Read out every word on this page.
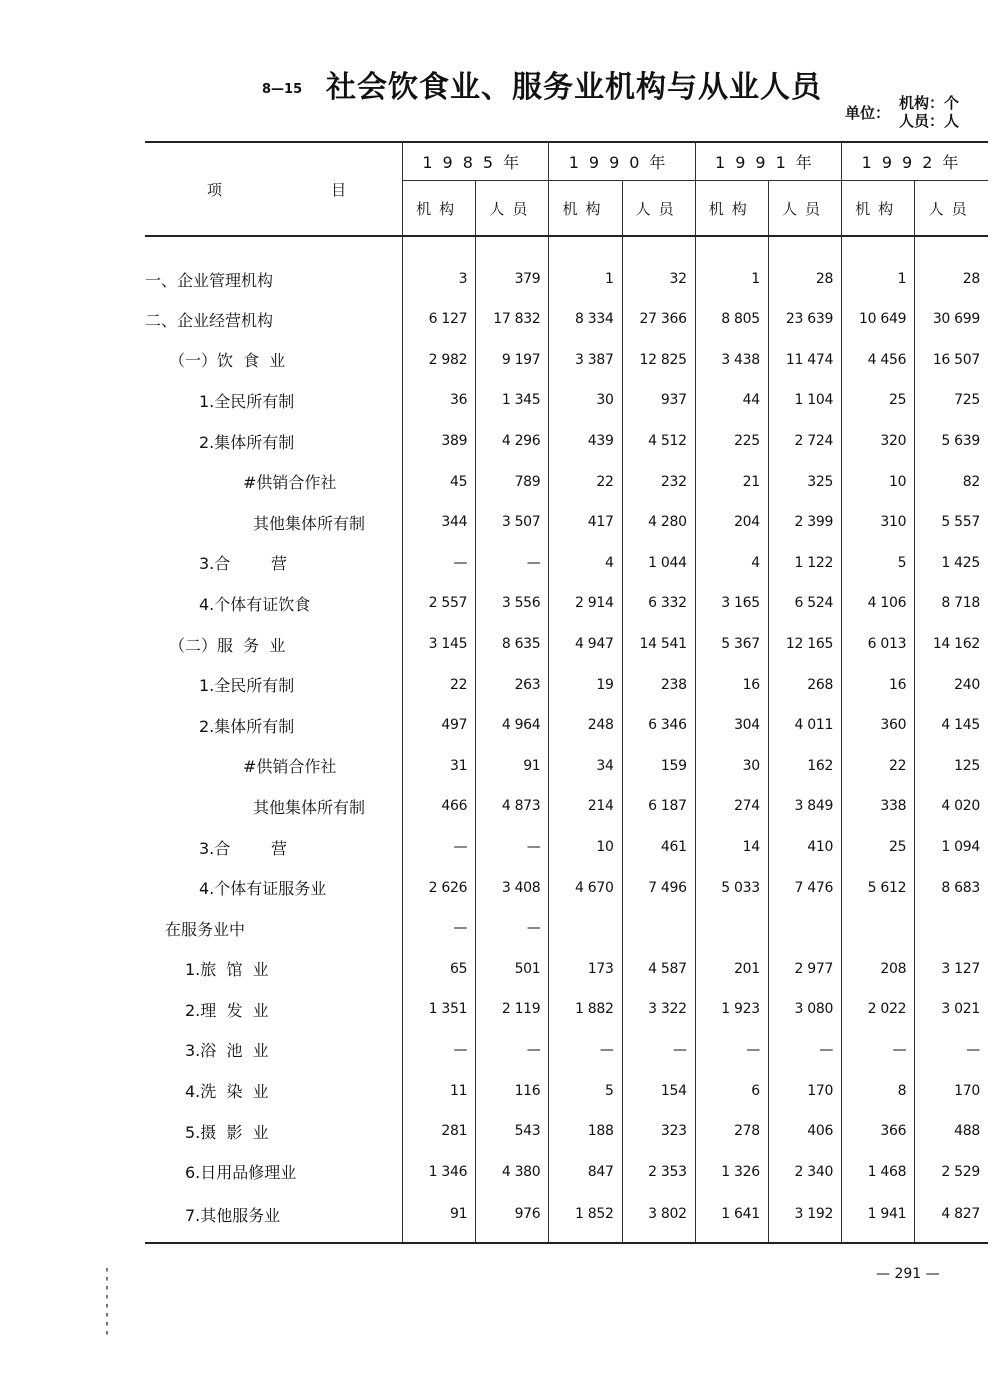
8—15 社会饮食业、服务业机构与从业人员
单位：
机构：个
人员：人
项 目	1985年		1990年		1991年		1992年	
	机构	人员	机构	人员	机构	人员	机构	人员
一、企业管理机构	3	379	1	32	1	28	1	28
二、企业经营机构	6 127	17 832	8 334	27 366	8 805	23 639	10 649	30 699
（一）饮  食  业	2 982	9 197	3 387	12 825	3 438	11 474	4 456	16 507
1.全民所有制	36	1 345	30	937	44	1 104	25	725
2.集体所有制	389	4 296	439	4 512	225	2 724	320	5 639
#供销合作社	45	789	22	232	21	325	10	82
其他集体所有制	344	3 507	417	4 280	204	2 399	310	5 557
3.合        营	—	—	4	1 044	4	1 122	5	1 425
4.个体有证饮食	2 557	3 556	2 914	6 332	3 165	6 524	4 106	8 718
（二）服  务  业	3 145	8 635	4 947	14 541	5 367	12 165	6 013	14 162
1.全民所有制	22	263	19	238	16	268	16	240
2.集体所有制	497	4 964	248	6 346	304	4 011	360	4 145
#供销合作社	31	91	34	159	30	162	22	125
其他集体所有制	466	4 873	214	6 187	274	3 849	338	4 020
3.合        营	—	—	10	461	14	410	25	1 094
4.个体有证服务业	2 626	3 408	4 670	7 496	5 033	7 476	5 612	8 683
在服务业中	—	—						
1.旅  馆  业	65	501	173	4 587	201	2 977	208	3 127
2.理  发  业	1 351	2 119	1 882	3 322	1 923	3 080	2 022	3 021
3.浴  池  业	—	—	—	—	—	—	—	—
4.洗  染  业	11	116	5	154	6	170	8	170
5.摄  影  业	281	543	188	323	278	406	366	488
6.日用品修理业	1 346	4 380	847	2 353	1 326	2 340	1 468	2 529
7.其他服务业	91	976	1 852	3 802	1 641	3 192	1 941	4 827
— 291 —
